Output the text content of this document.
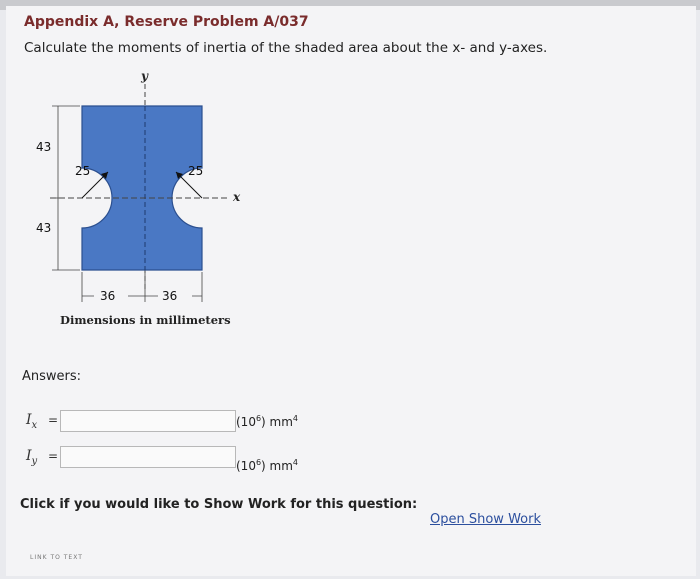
Appendix A, Reserve Problem A/037
Calculate the moments of inertia of the shaded area about the x- and y-axes.
y
x
25	25
43
43
36	36
Dimensions in millimeters
Answers:
$I_x$ =	$(10^6)$ $mm^4$
$I_y$ =
$(10^6)$ $mm^4$
Click if you would like to Show Work for this question:
Open Show Work
LINK TO TEXT
